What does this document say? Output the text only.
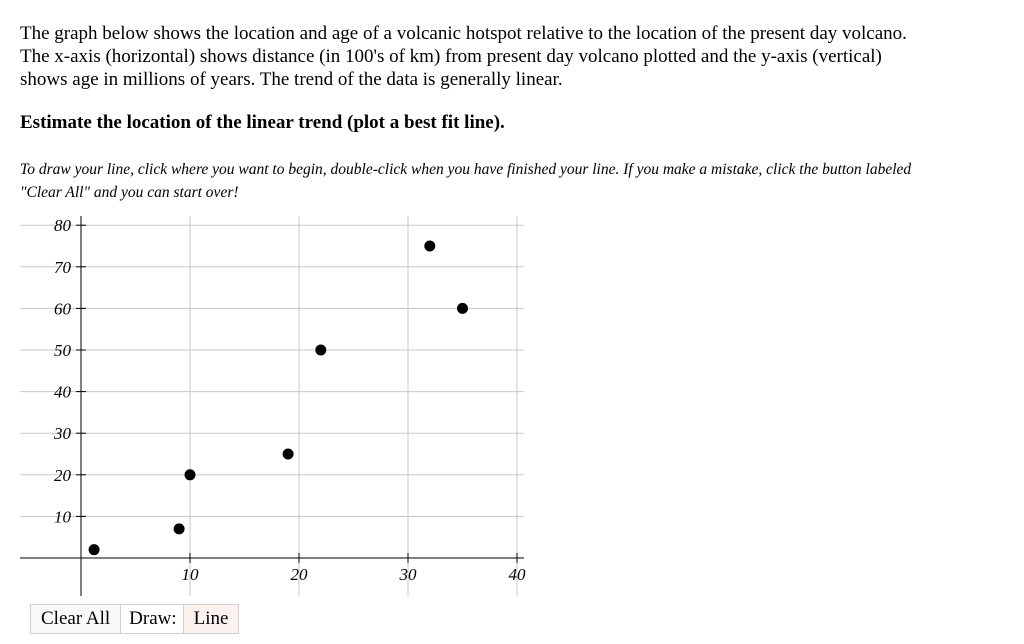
The graph below shows the location and age of a volcanic hotspot relative to the location of the present day volcano. The x-axis (horizontal) shows distance (in 100's of km) from present day volcano plotted and the y-axis (vertical) shows age in millions of years. The trend of the data is generally linear.

Estimate the location of the linear trend (plot a best fit line).

To draw your line, click where you want to begin, double-click when you have finished your line. If you make a mistake, click the button labeled "Clear All" and you can start over!

10
20
30
40
50
60
70
80
10	20	30	40
Clear All	Draw: Line
